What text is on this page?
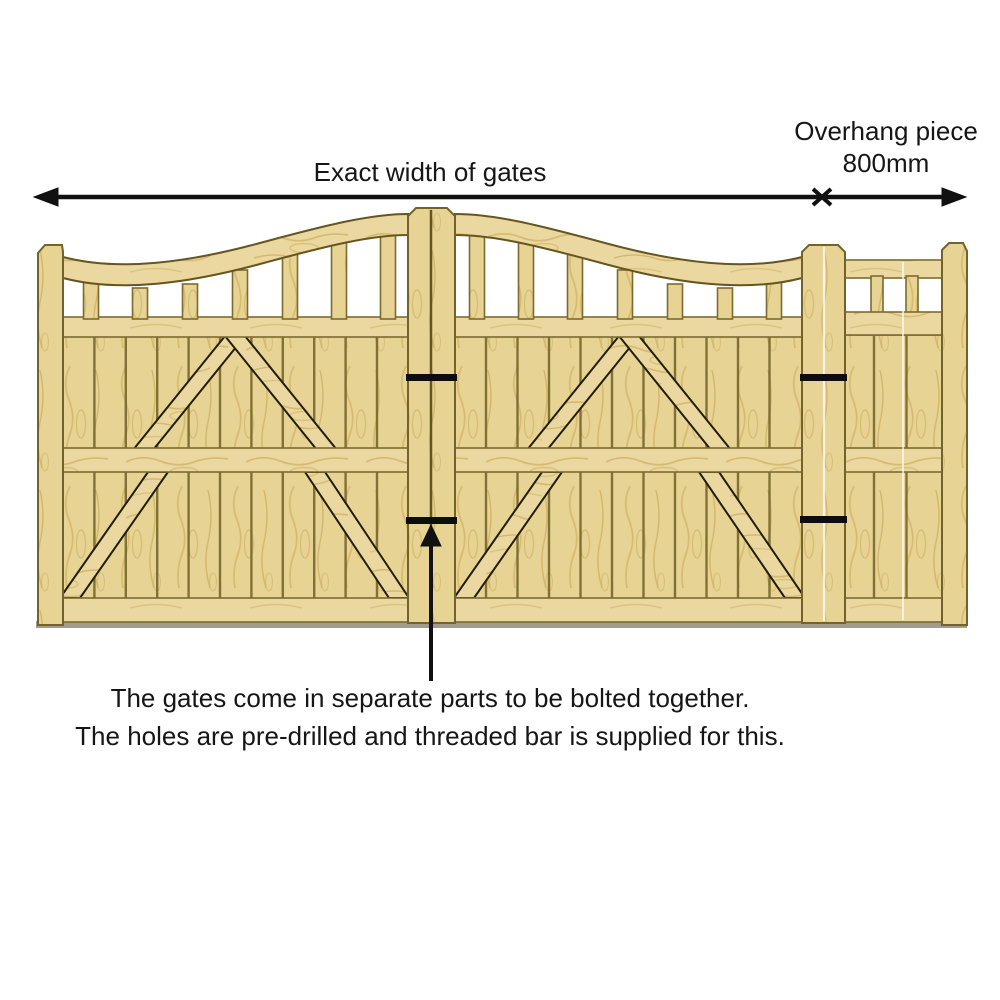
Exact width of gates
Overhang piece
800mm
The gates come in separate parts to be bolted together.
The holes are pre-drilled and threaded bar is supplied for this.
